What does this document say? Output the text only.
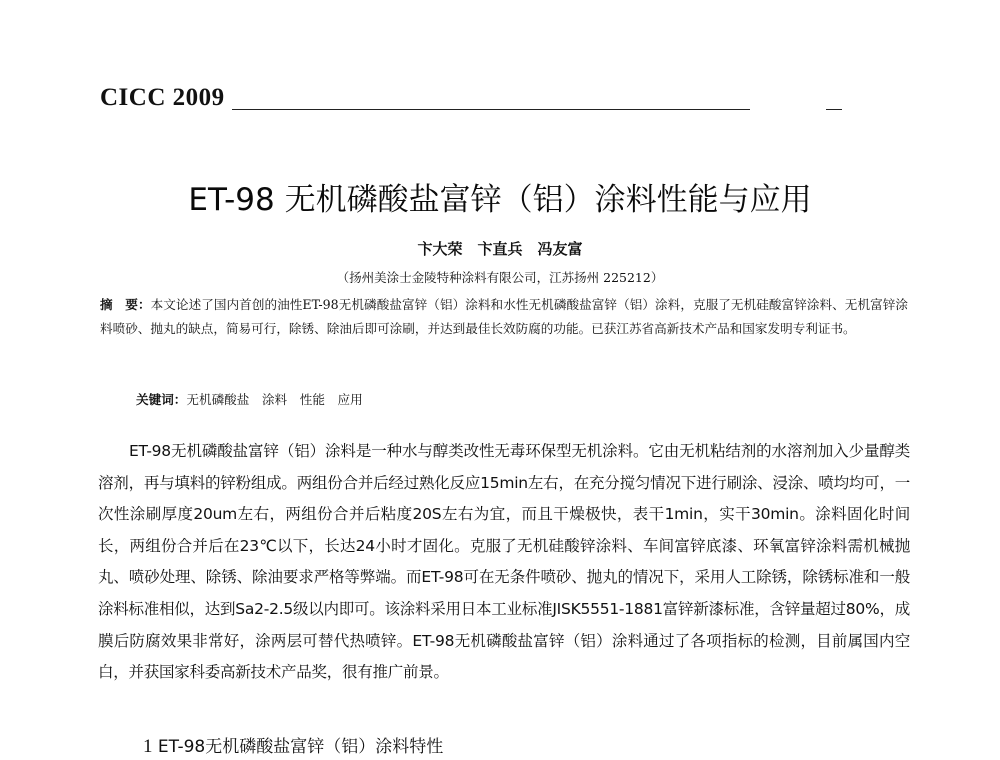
CICC 2009
ET-98 无机磷酸盐富锌（铝）涂料性能与应用
卞大荣　卞直兵　冯友富
（扬州美涂士金陵特种涂料有限公司，江苏扬州 225212）
摘　要：本文论述了国内首创的油性ET-98无机磷酸盐富锌（铝）涂料和水性无机磷酸盐富锌（铝）涂料，克服了无机硅酸富锌涂料、无机富锌涂料喷砂、抛丸的缺点，简易可行，除锈、除油后即可涂刷，并达到最佳长效防腐的功能。已获江苏省高新技术产品和国家发明专利证书。
关键词：无机磷酸盐　涂料　性能　应用
ET-98无机磷酸盐富锌（铝）涂料是一种水与醇类改性无毒环保型无机涂料。它由无机粘结剂的水溶剂加入少量醇类溶剂，再与填料的锌粉组成。两组份合并后经过熟化反应15min左右，在充分搅匀情况下进行刷涂、浸涂、喷均均可，一次性涂刷厚度20um左右，两组份合并后粘度20S左右为宜，而且干燥极快，表干1min，实干30min。涂料固化时间长，两组份合并后在23℃以下，长达24小时才固化。克服了无机硅酸锌涂料、车间富锌底漆、环氧富锌涂料需机械抛丸、喷砂处理、除锈、除油要求严格等弊端。而ET-98可在无条件喷砂、抛丸的情况下，采用人工除锈，除锈标准和一般涂料标准相似，达到Sa2-2.5级以内即可。该涂料采用日本工业标准JISK5551-1881富锌新漆标准，含锌量超过80%，成膜后防腐效果非常好，涂两层可替代热喷锌。ET-98无机磷酸盐富锌（铝）涂料通过了各项指标的检测，目前属国内空白，并获国家科委高新技术产品奖，很有推广前景。
1 ET-98无机磷酸盐富锌（铝）涂料特性
